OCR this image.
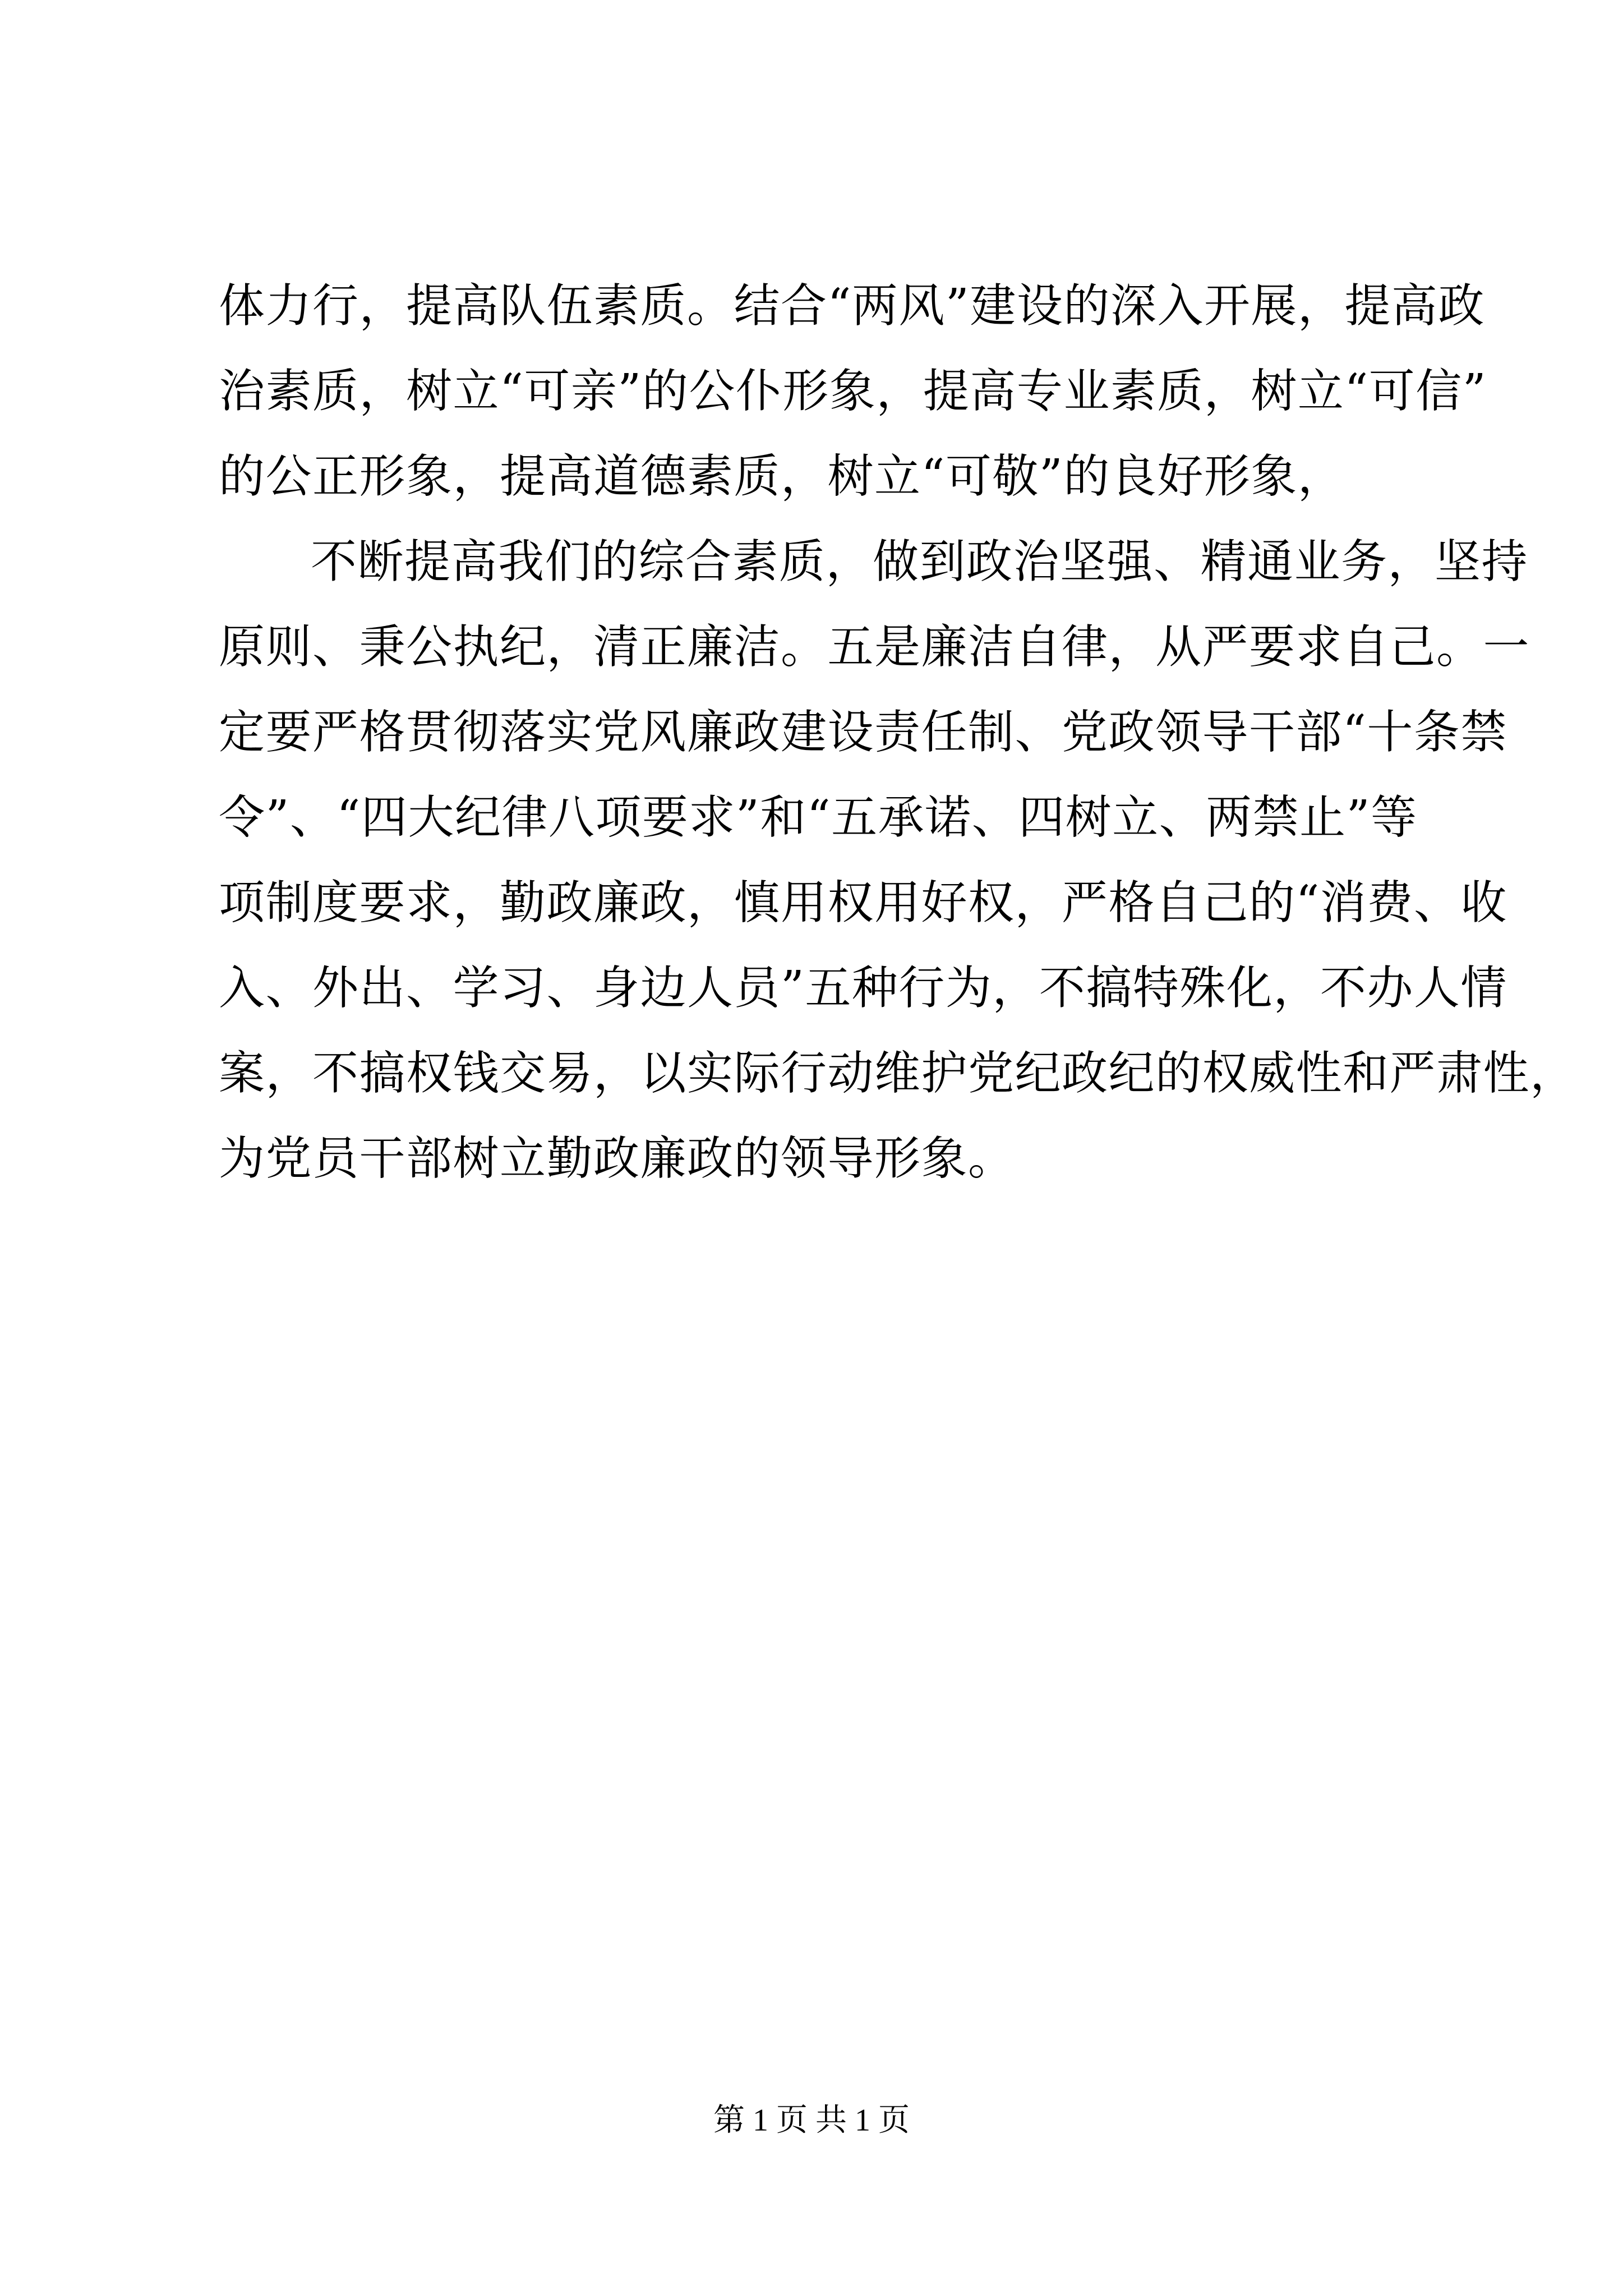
体力行，提高队伍素质。结合“两风”建设的深入开展，提高政
治素质，树立“可亲”的公仆形象，提高专业素质，树立“可信”
的公正形象，提高道德素质，树立“可敬”的良好形象，
不断提高我们的综合素质，做到政治坚强、精通业务，坚持
原则、秉公执纪，清正廉洁。五是廉洁自律，从严要求自己。一
定要严格贯彻落实党风廉政建设责任制、党政领导干部“十条禁
令”、“四大纪律八项要求”和“五承诺、四树立、两禁止”等
项制度要求，勤政廉政，慎用权用好权，严格自己的“消费、收
入、外出、学习、身边人员”五种行为，不搞特殊化，不办人情
案，不搞权钱交易，以实际行动维护党纪政纪的权威性和严肃性，
为党员干部树立勤政廉政的领导形象。
第 1 页 共 1 页
